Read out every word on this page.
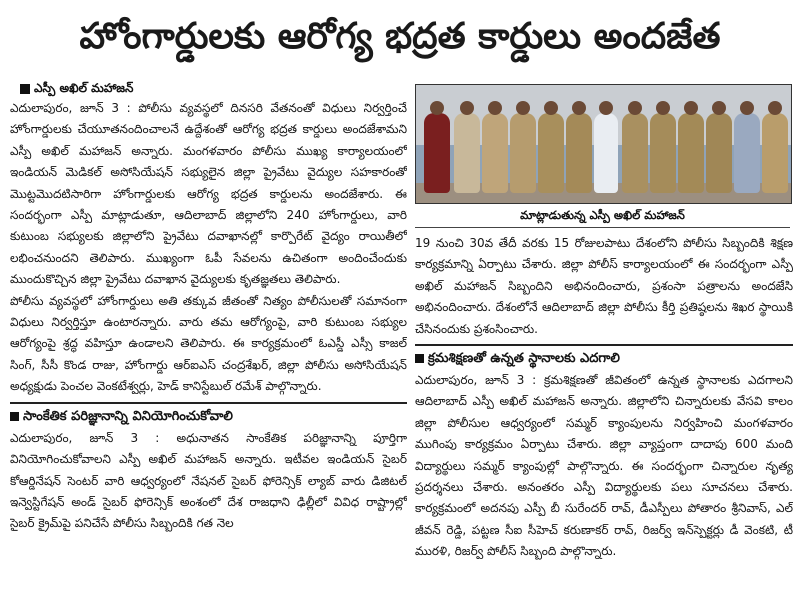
హోంగార్డులకు ఆరోగ్య భద్రత కార్డులు అందజేత
ఎస్పీ అఖిల్ మహాజన్

ఎదులాపురం, జూన్ 3 : పోలీసు వ్యవస్థలో దినసరి వేతనంతో విధులు నిర్వర్తించే హోంగార్డులకు చేయూతనందించాలనే ఉద్దేశంతో ఆరోగ్య భద్రత కార్డులు అందజేశామని ఎస్పీ అఖిల్ మహాజన్ అన్నారు. మంగళవారం పోలీసు ముఖ్య కార్యాలయంలో ఇండియన్ మెడికల్ అసోసియేషన్ సభ్యులైన జిల్లా ప్రైవేటు వైద్యుల సహకారంతో మొట్టమొదటిసారిగా హోంగార్డులకు ఆరోగ్య భద్రత కార్డులను అందజేశారు. ఈ సందర్భంగా ఎస్పీ మాట్లాడుతూ, ఆదిలాబాద్ జిల్లాలోని 240 హోంగార్డులు, వారి కుటుంబ సభ్యులకు జిల్లాలోని ప్రైవేటు దవాఖానల్లో కార్పొరేట్ వైద్యం రాయితీలో లభించనుందని తెలిపారు. ముఖ్యంగా ఓపీ సేవలను ఉచితంగా అందించేందుకు ముందుకొచ్చిన జిల్లా ప్రైవేటు దవాఖాన వైద్యులకు కృతజ్ఞతలు తెలిపారు.

పోలీసు వ్యవస్థలో హోంగార్డులు అతి తక్కువ జీతంతో నిత్యం పోలీసులతో సమానంగా విధులు నిర్వర్తిస్తూ ఉంటారన్నారు. వారు తమ ఆరోగ్యంపై, వారి కుటుంబ సభ్యుల ఆరోగ్యంపై శ్రద్ధ వహిస్తూ ఉండాలని తెలిపారు. ఈ కార్యక్రమంలో ఓఎస్డీ ఎస్సీ కాజల్ సింగ్, సీసీ కొండ రాజు, హోంగార్డు ఆర్ఐఎస్ చంద్రశేఖర్, జిల్లా పోలీసు అసోసియేషన్ అధ్యక్షుడు పెంచల వెంకటేశ్వర్లు, హెడ్ కానిస్టేబుల్ రమేశ్ పాల్గొన్నారు.

సాంకేతిక పరిజ్ఞానాన్ని వినియోగించుకోవాలి

ఎదులాపురం, జూన్ 3 : అధునాతన సాంకేతిక పరిజ్ఞానాన్ని పూర్తిగా వినియోగించుకోవాలని ఎస్పీ అఖిల్ మహాజన్ అన్నారు. ఇటీవల ఇండియన్ సైబర్ కోఆర్డినేషన్ సెంటర్ వారి ఆధ్వర్యంలో నేషనల్ సైబర్ ఫోరెన్సిక్ ల్యాబ్ వారు డిజిటల్ ఇన్వెస్టిగేషన్ అండ్ సైబర్ ఫోరెన్సిక్ అంశంలో దేశ రాజధాని ఢిల్లీలో వివిధ రాష్ట్రాల్లో సైబర్ క్రైమ్‌పై పనిచేసే పోలీసు సిబ్బందికి గత నెల

మాట్లాడుతున్న ఎస్పీ అఖిల్ మహాజన్

19 నుంచి 30వ తేదీ వరకు 15 రోజులపాటు దేశంలోని పోలీసు సిబ్బందికి శిక్షణ కార్యక్రమాన్ని ఏర్పాటు చేశారు. జిల్లా పోలీస్ కార్యాలయంలో ఈ సందర్భంగా ఎస్పీ అఖిల్ మహాజన్ సిబ్బందిని అభినందించారు, ప్రశంసా పత్రాలను అందజేసి అభినందించారు. దేశంలోనే ఆదిలాబాద్ జిల్లా పోలీసు కీర్తి ప్రతిష్ఠలను శిఖర స్థాయికి చేసినందుకు ప్రశంసించారు.

క్రమశిక్షణతో ఉన్నత స్థానాలకు ఎదగాలి

ఎదులాపురం, జూన్ 3 : క్రమశిక్షణతో జీవితంలో ఉన్నత స్థానాలకు ఎదగాలని ఆదిలాబాద్ ఎస్పీ అఖిల్ మహాజన్ అన్నారు. జిల్లాలోని చిన్నారులకు వేసవి కాలం జిల్లా పోలీసుల ఆధ్వర్యంలో సమ్మర్ క్యాంపులను నిర్వహించి మంగళవారం ముగింపు కార్యక్రమం ఏర్పాటు చేశారు. జిల్లా వ్యాప్తంగా దాదాపు 600 మంది విద్యార్థులు సమ్మర్ క్యాంపుల్లో పాల్గొన్నారు. ఈ సందర్భంగా చిన్నారుల నృత్య ప్రదర్శనలు చేశారు. అనంతరం ఎస్పీ విద్యార్థులకు పలు సూచనలు చేశారు. కార్యక్రమంలో అదనపు ఎస్పీ బీ సురేందర్ రావ్, డీఎస్పీలు పోతారం శ్రీనివాస్, ఎల్ జీవన్ రెడ్డి, పట్టణ సీఐ సీహెచ్ కరుణాకర్ రావ్, రిజర్వ్ ఇన్‌స్పెక్టర్లు డీ వెంకటి, టీ మురళి, రిజర్వ్ పోలీస్ సిబ్బంది పాల్గొన్నారు.
